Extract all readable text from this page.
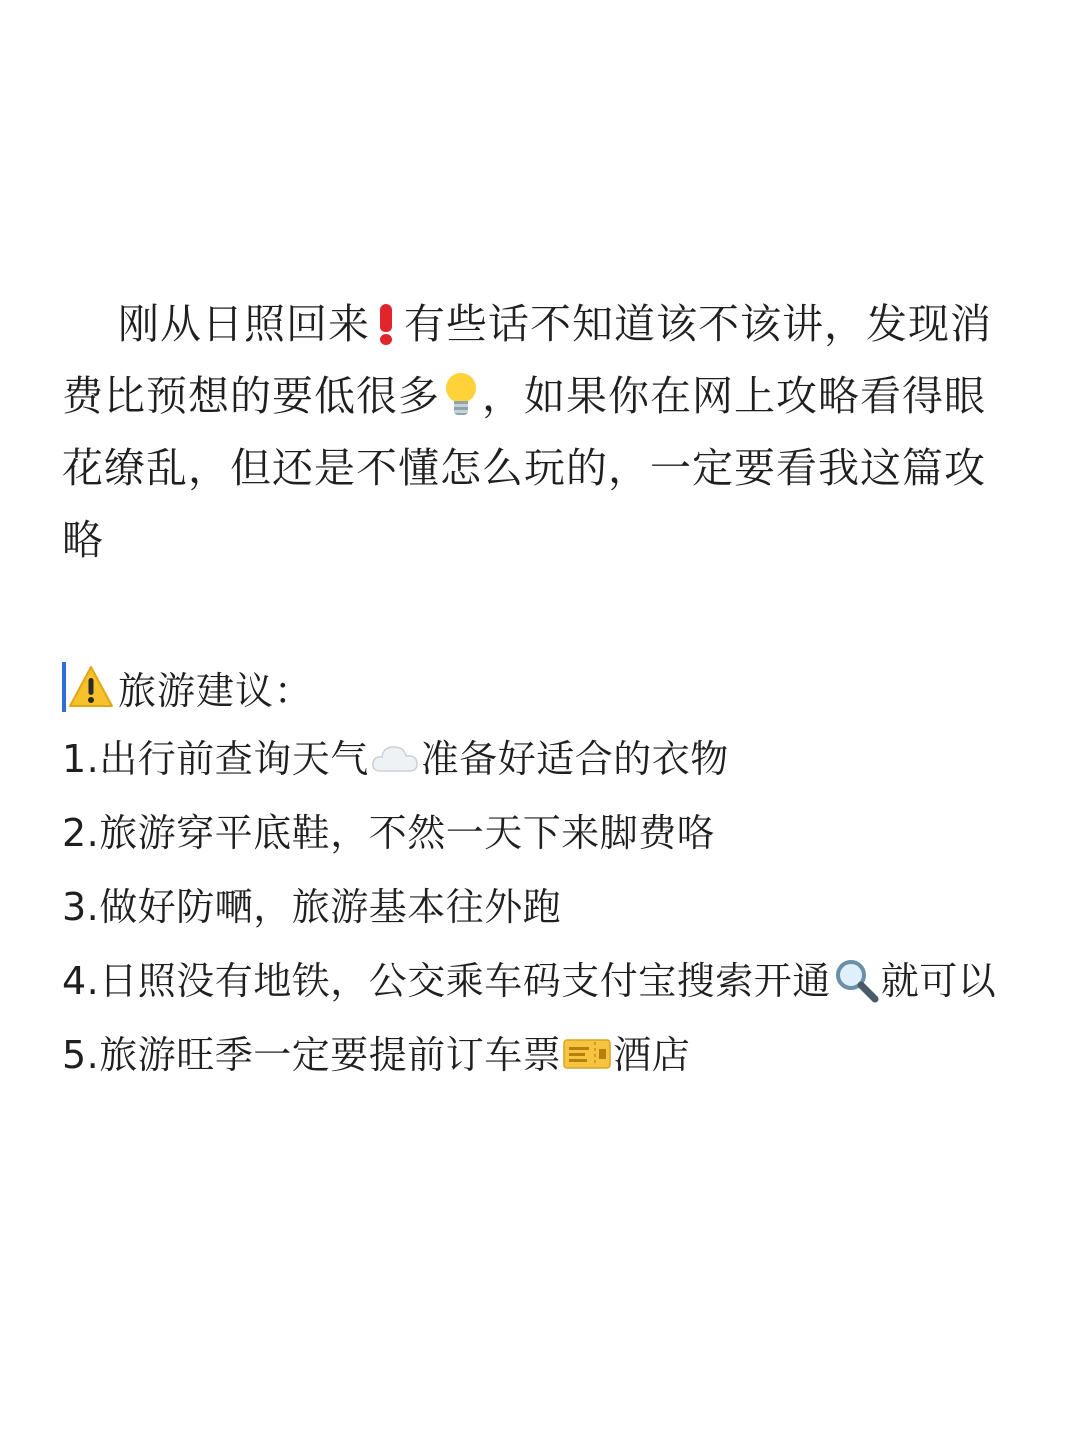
刚从日照回来 有些话不知道该不该讲，发现消费比预想的要低很多 ，如果你在网上攻略看得眼花缭乱，但还是不懂怎么玩的，一定要看我这篇攻略
旅游建议：
1.出行前查询天气 准备好适合的衣物
2.旅游穿平底鞋，不然一天下来脚费咯
3.做好防嗮，旅游基本往外跑
4.日照没有地铁，公交乘车码支付宝搜索开通 就可以
5.旅游旺季一定要提前订车票 酒店
